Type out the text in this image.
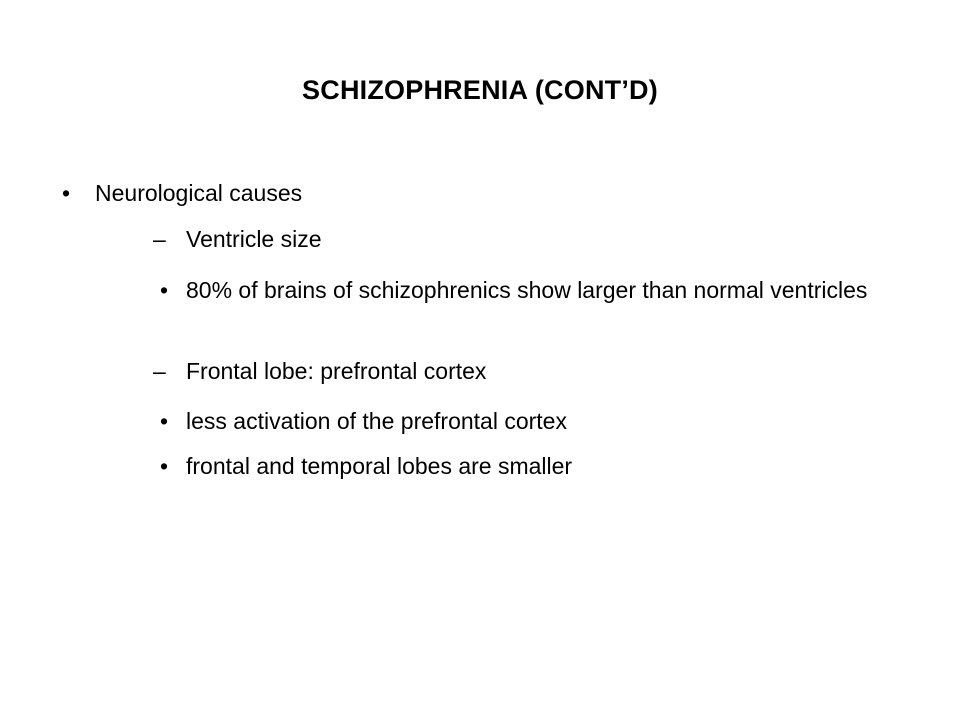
SCHIZOPHRENIA (CONT’D)
• Neurological causes
– Ventricle size
• 80% of brains of schizophrenics show larger than normal ventricles
– Frontal lobe: prefrontal cortex
• less activation of the prefrontal cortex
• frontal and temporal lobes are smaller
